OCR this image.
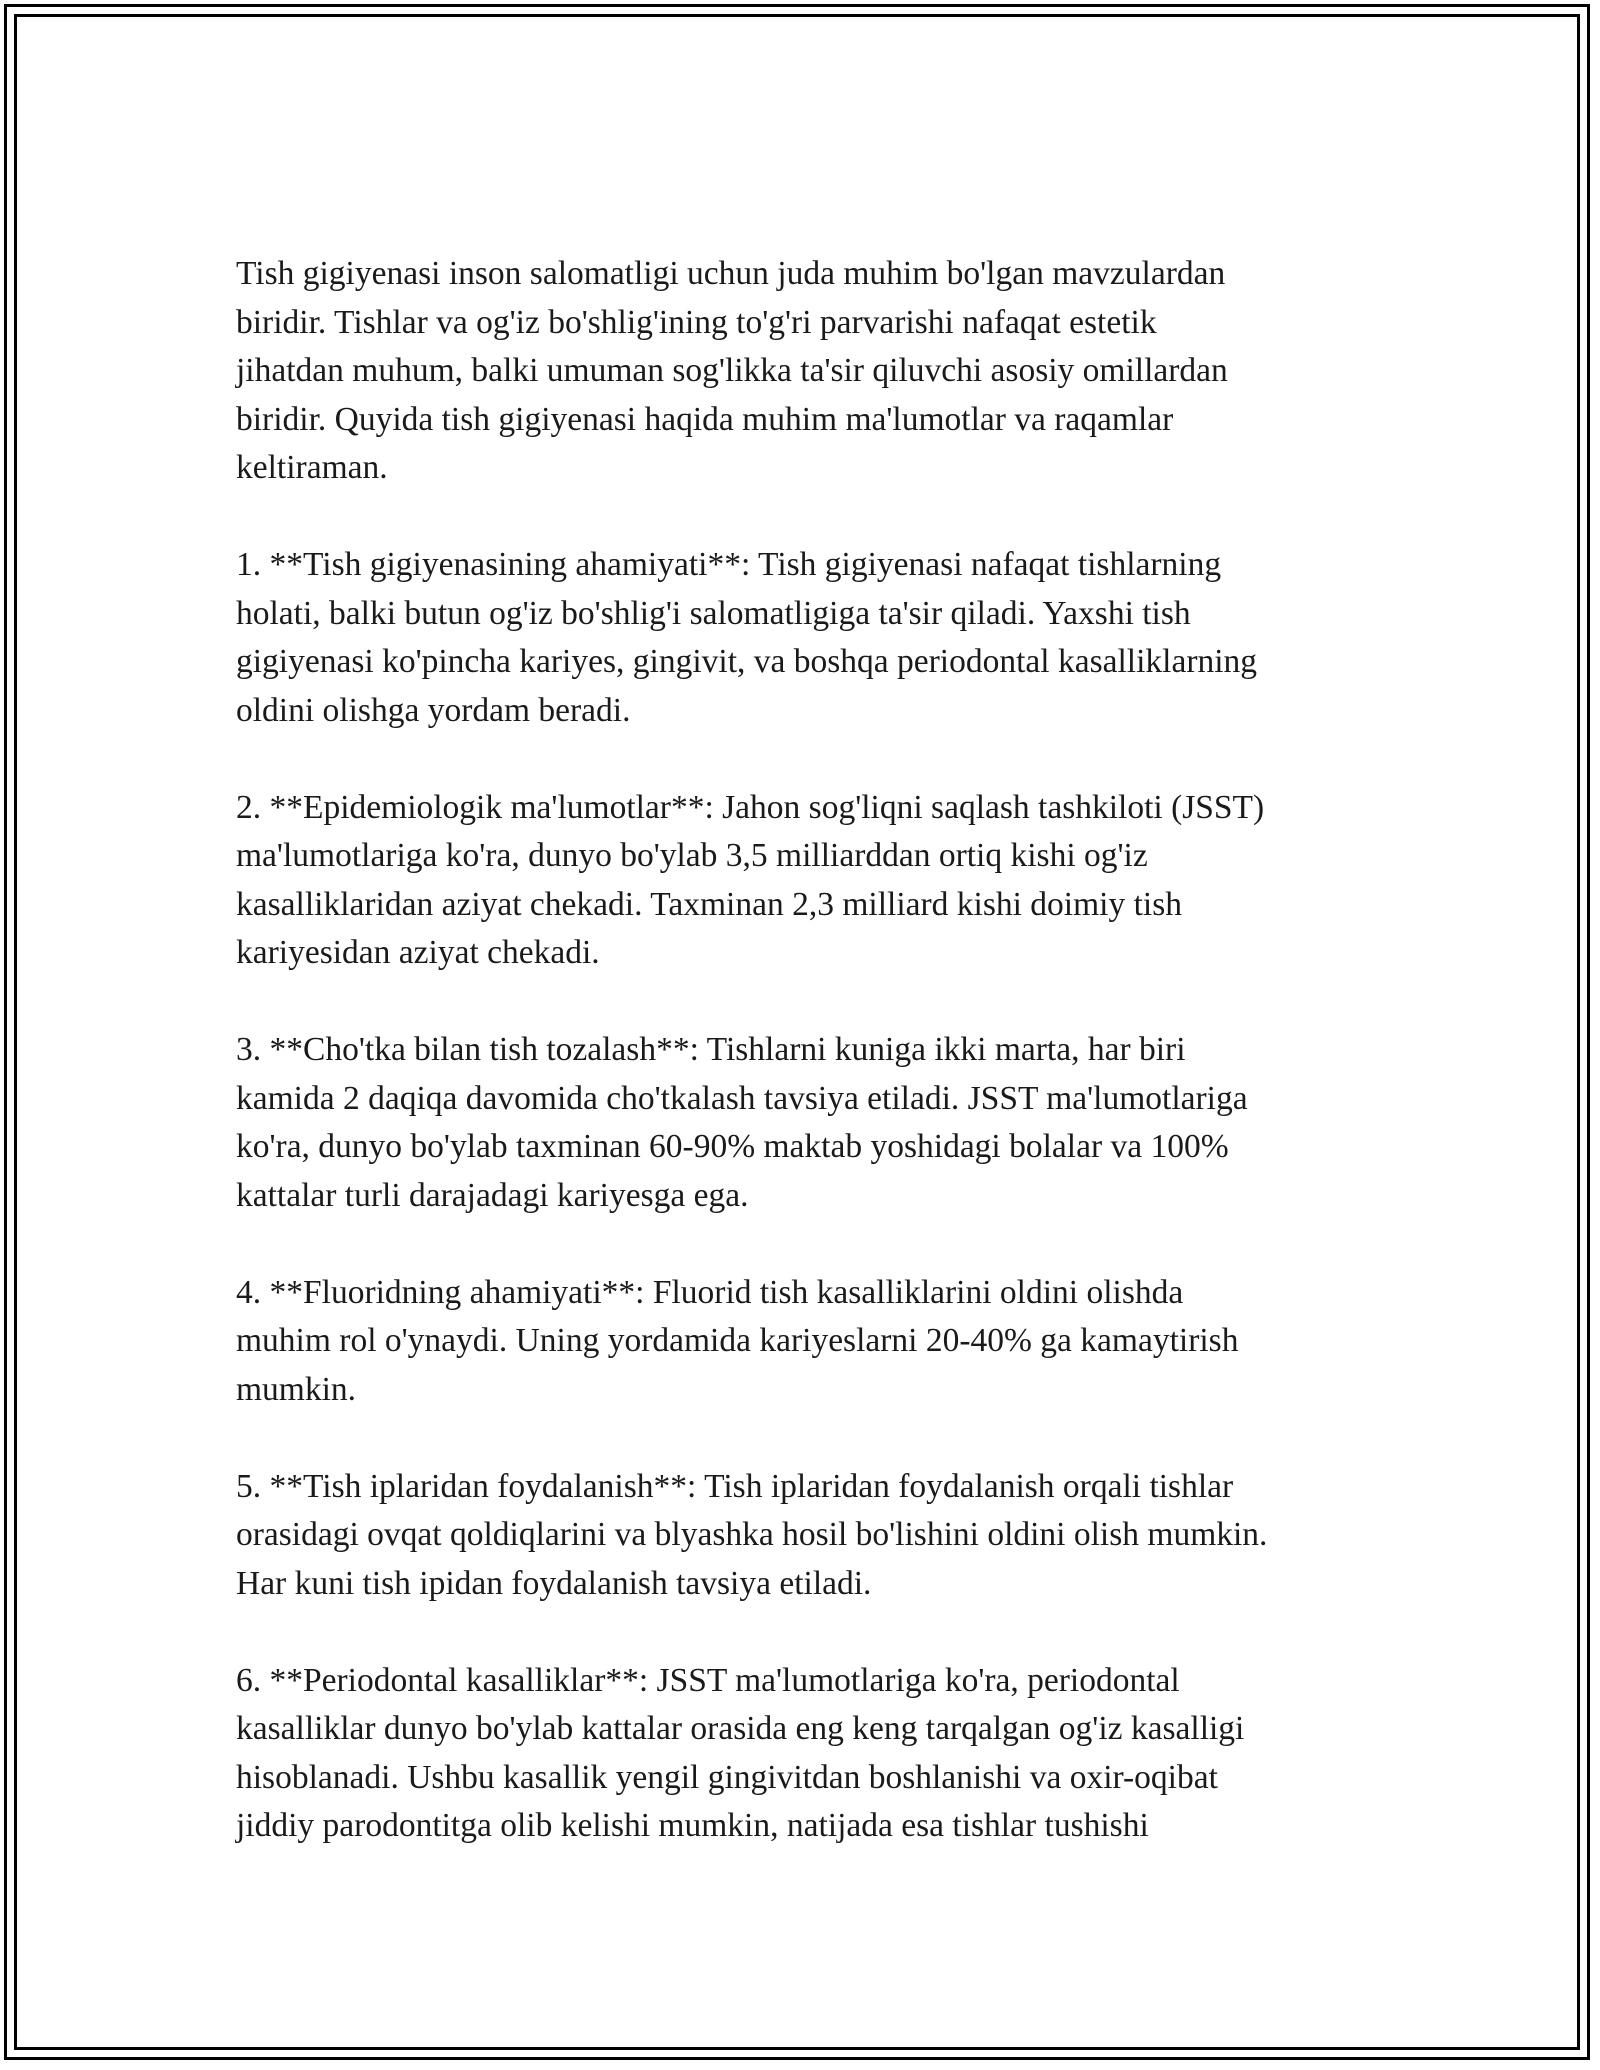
Tish gigiyenasi inson salomatligi uchun juda muhim bo'lgan mavzulardan
biridir. Tishlar va og'iz bo'shlig'ining to'g'ri parvarishi nafaqat estetik
jihatdan muhum, balki umuman sog'likka ta'sir qiluvchi asosiy omillardan
biridir. Quyida tish gigiyenasi haqida muhim ma'lumotlar va raqamlar
keltiraman.

1. **Tish gigiyenasining ahamiyati**: Tish gigiyenasi nafaqat tishlarning
holati, balki butun og'iz bo'shlig'i salomatligiga ta'sir qiladi. Yaxshi tish
gigiyenasi ko'pincha kariyes, gingivit, va boshqa periodontal kasalliklarning
oldini olishga yordam beradi.

2. **Epidemiologik ma'lumotlar**: Jahon sog'liqni saqlash tashkiloti (JSST)
ma'lumotlariga ko'ra, dunyo bo'ylab 3,5 milliarddan ortiq kishi og'iz
kasalliklaridan aziyat chekadi. Taxminan 2,3 milliard kishi doimiy tish
kariyesidan aziyat chekadi.

3. **Cho'tka bilan tish tozalash**: Tishlarni kuniga ikki marta, har biri
kamida 2 daqiqa davomida cho'tkalash tavsiya etiladi. JSST ma'lumotlariga
ko'ra, dunyo bo'ylab taxminan 60-90% maktab yoshidagi bolalar va 100%
kattalar turli darajadagi kariyesga ega.

4. **Fluoridning ahamiyati**: Fluorid tish kasalliklarini oldini olishda
muhim rol o'ynaydi. Uning yordamida kariyeslarni 20-40% ga kamaytirish
mumkin.

5. **Tish iplaridan foydalanish**: Tish iplaridan foydalanish orqali tishlar
orasidagi ovqat qoldiqlarini va blyashka hosil bo'lishini oldini olish mumkin.
Har kuni tish ipidan foydalanish tavsiya etiladi.

6. **Periodontal kasalliklar**: JSST ma'lumotlariga ko'ra, periodontal
kasalliklar dunyo bo'ylab kattalar orasida eng keng tarqalgan og'iz kasalligi
hisoblanadi. Ushbu kasallik yengil gingivitdan boshlanishi va oxir-oqibat
jiddiy parodontitga olib kelishi mumkin, natijada esa tishlar tushishi
